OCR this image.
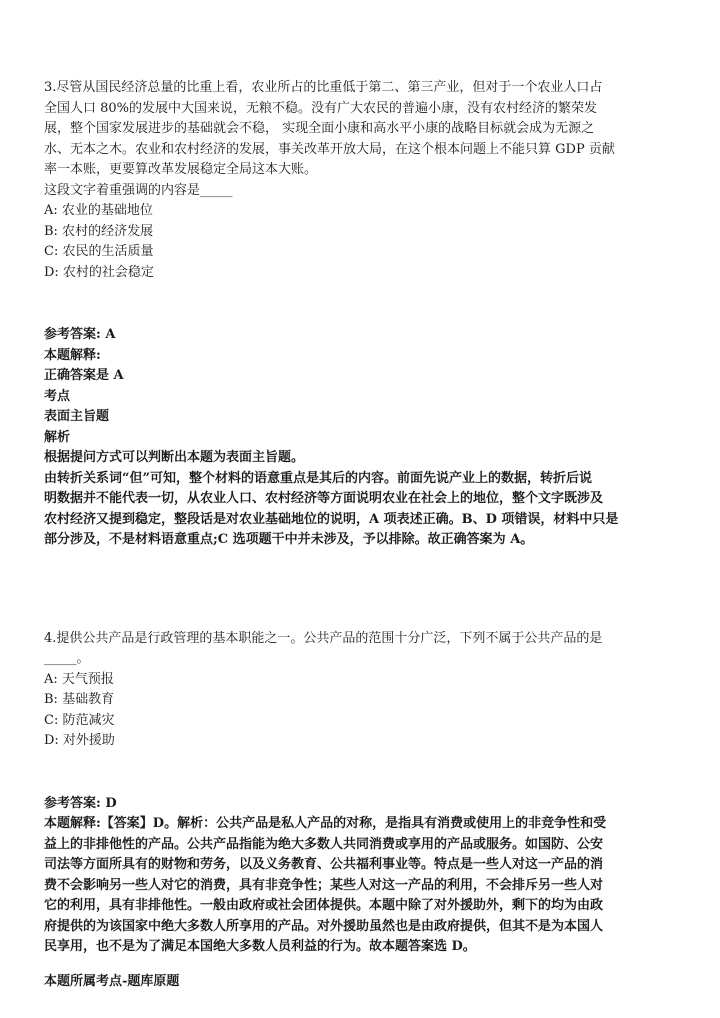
3.尽管从国民经济总量的比重上看，农业所占的比重低于第二、第三产业，但对于一个农业人口占

全国人口 80%的发展中大国来说，无粮不稳。没有广大农民的普遍小康，没有农村经济的繁荣发

展，整个国家发展进步的基础就会不稳， 实现全面小康和高水平小康的战略目标就会成为无源之

水、无本之木。农业和农村经济的发展，事关改革开放大局，在这个根本问题上不能只算 GDP 贡献

率一本账，更要算改革发展稳定全局这本大账。

这段文字着重强调的内容是_____

A: 农业的基础地位

B: 农村的经济发展

C: 农民的生活质量

D: 农村的社会稳定

参考答案: A

本题解释:

正确答案是 A

考点

表面主旨题

解析

根据提问方式可以判断出本题为表面主旨题。

由转折关系词“但”可知，整个材料的语意重点是其后的内容。前面先说产业上的数据，转折后说

明数据并不能代表一切，从农业人口、农村经济等方面说明农业在社会上的地位，整个文字既涉及

农村经济又提到稳定，整段话是对农业基础地位的说明，A 项表述正确。B、D 项错误，材料中只是

部分涉及，不是材料语意重点;C 选项题干中并未涉及，予以排除。故正确答案为 A。

4.提供公共产品是行政管理的基本职能之一。公共产品的范围十分广泛，下列不属于公共产品的是

_____。

A: 天气预报

B: 基础教育

C: 防范减灾

D: 对外援助

参考答案: D

本题解释:【答案】D。解析：公共产品是私人产品的对称，是指具有消费或使用上的非竞争性和受

益上的非排他性的产品。公共产品指能为绝大多数人共同消费或享用的产品或服务。如国防、公安

司法等方面所具有的财物和劳务，以及义务教育、公共福利事业等。特点是一些人对这一产品的消

费不会影响另一些人对它的消费，具有非竞争性；某些人对这一产品的利用，不会排斥另一些人对

它的利用，具有非排他性。一般由政府或社会团体提供。本题中除了对外援助外，剩下的均为由政

府提供的为该国家中绝大多数人所享用的产品。对外援助虽然也是由政府提供，但其不是为本国人

民享用，也不是为了满足本国绝大多数人员利益的行为。故本题答案选 D。

本题所属考点-题库原题
